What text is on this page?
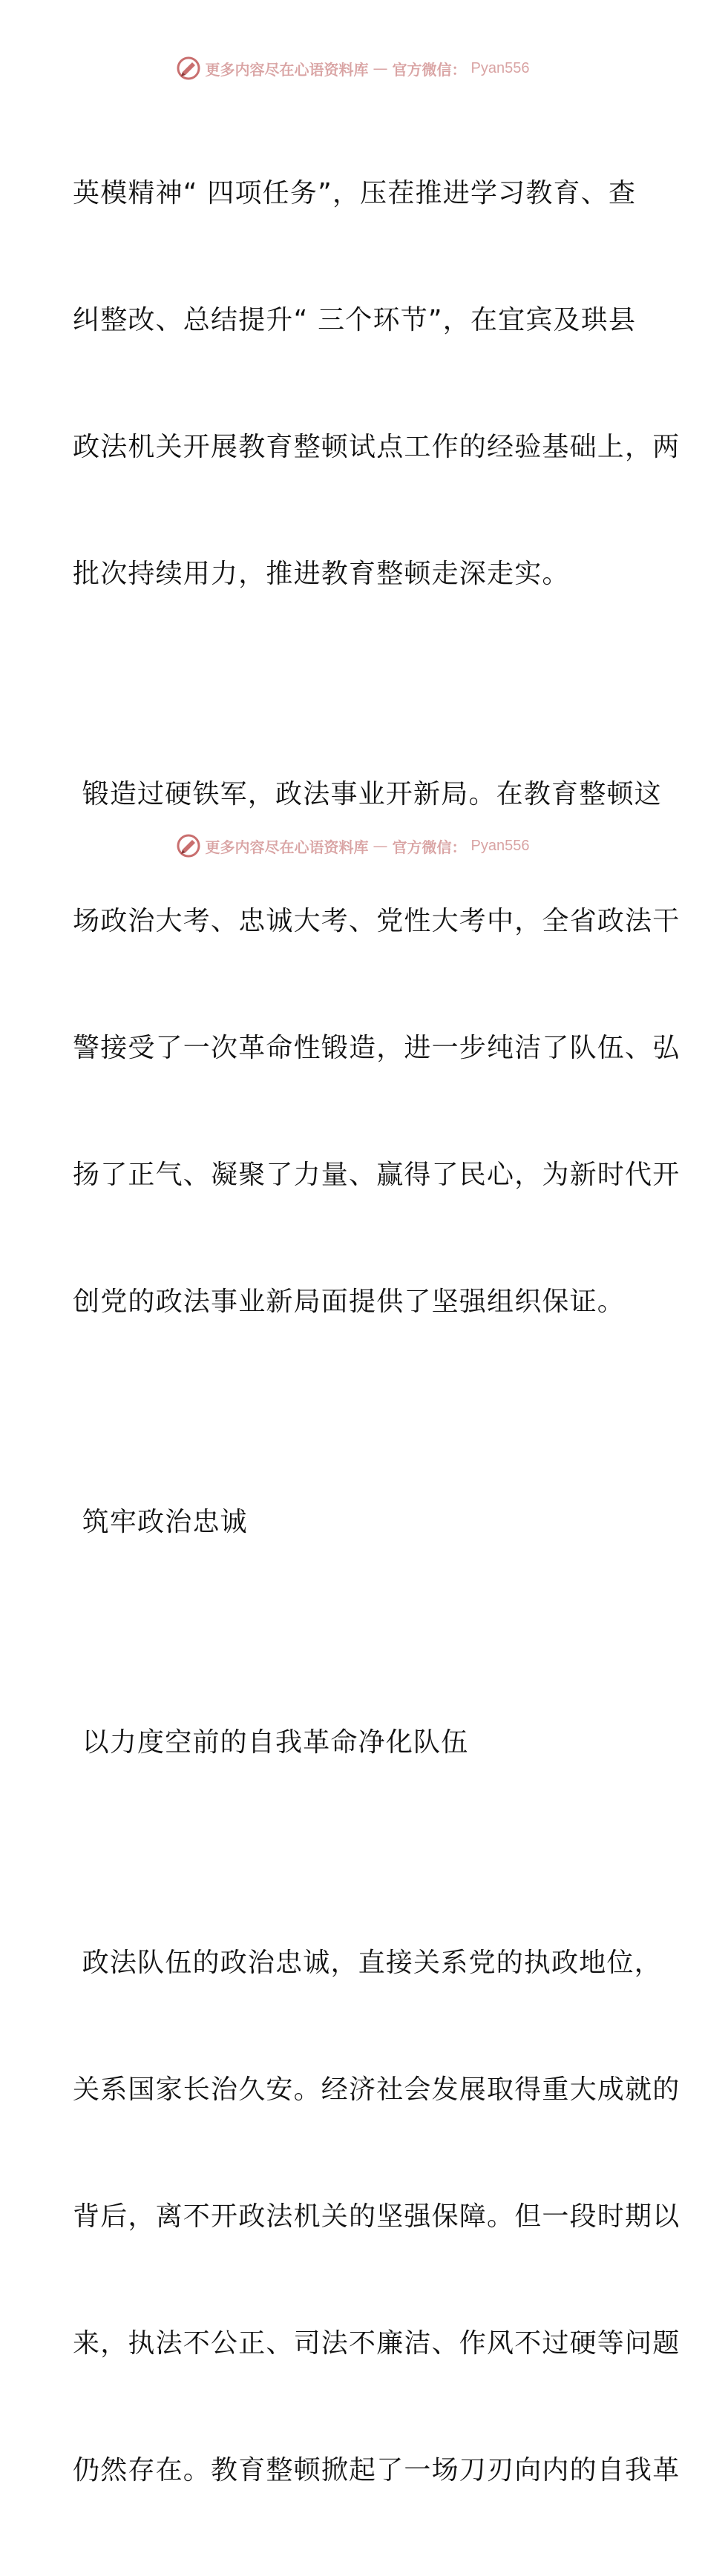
更多内容尽在心语资料库 — 官方微信： Pyan556

英模精神“ 四项任务”，压茬推进学习教育、查

纠整改、总结提升“ 三个环节”，在宜宾及珙县

政法机关开展教育整顿试点工作的经验基础上，两

批次持续用力，推进教育整顿走深走实。

锻造过硬铁军，政法事业开新局。在教育整顿这

场政治大考、忠诚大考、党性大考中，全省政法干

警接受了一次革命性锻造，进一步纯洁了队伍、弘

扬了正气、凝聚了力量、赢得了民心，为新时代开

创党的政法事业新局面提供了坚强组织保证。

筑牢政治忠诚

以力度空前的自我革命净化队伍

政法队伍的政治忠诚，直接关系党的执政地位，

关系国家长治久安。经济社会发展取得重大成就的

背后，离不开政法机关的坚强保障。但一段时期以

来，执法不公正、司法不廉洁、作风不过硬等问题

仍然存在。教育整顿掀起了一场刀刃向内的自我革

更多内容尽在心语资料库 — 官方微信： Pyan556
